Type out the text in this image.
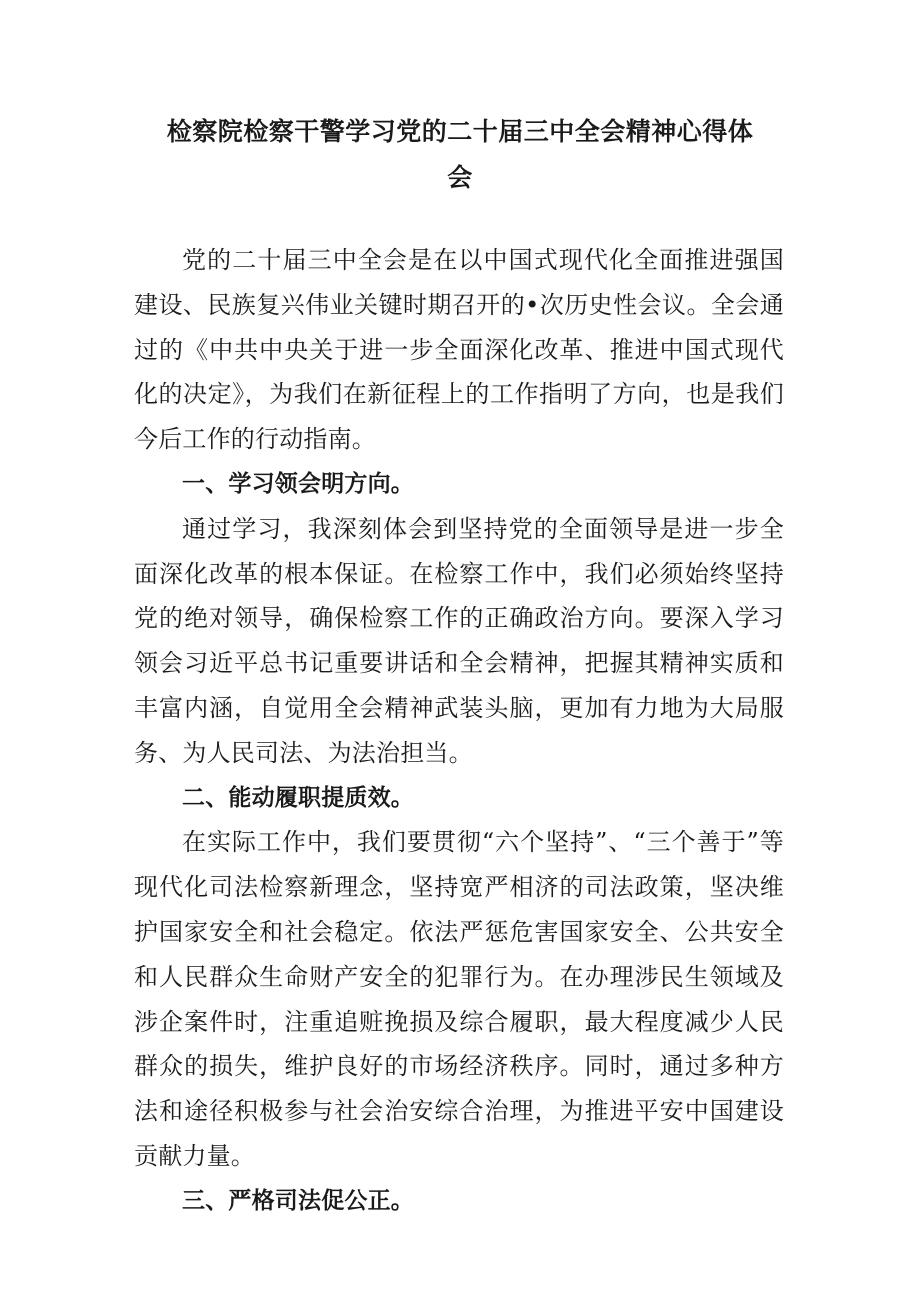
检察院检察干警学习党的二十届三中全会精神心得体
会

党的二十届三中全会是在以中国式现代化全面推进强国建设、民族复兴伟业关键时期召开的•次历史性会议。全会通过的《中共中央关于进一步全面深化改革、推进中国式现代化的决定》，为我们在新征程上的工作指明了方向，也是我们今后工作的行动指南。

一、学习领会明方向。

通过学习，我深刻体会到坚持党的全面领导是进一步全面深化改革的根本保证。在检察工作中，我们必须始终坚持党的绝对领导，确保检察工作的正确政治方向。要深入学习领会习近平总书记重要讲话和全会精神，把握其精神实质和丰富内涵，自觉用全会精神武装头脑，更加有力地为大局服务、为人民司法、为法治担当。

二、能动履职提质效。

在实际工作中，我们要贯彻“六个坚持”、“三个善于”等现代化司法检察新理念，坚持宽严相济的司法政策，坚决维护国家安全和社会稳定。依法严惩危害国家安全、公共安全和人民群众生命财产安全的犯罪行为。在办理涉民生领域及涉企案件时，注重追赃挽损及综合履职，最大程度减少人民群众的损失，维护良好的市场经济秩序。同时，通过多种方法和途径积极参与社会治安综合治理，为推进平安中国建设贡献力量。

三、严格司法促公正。
